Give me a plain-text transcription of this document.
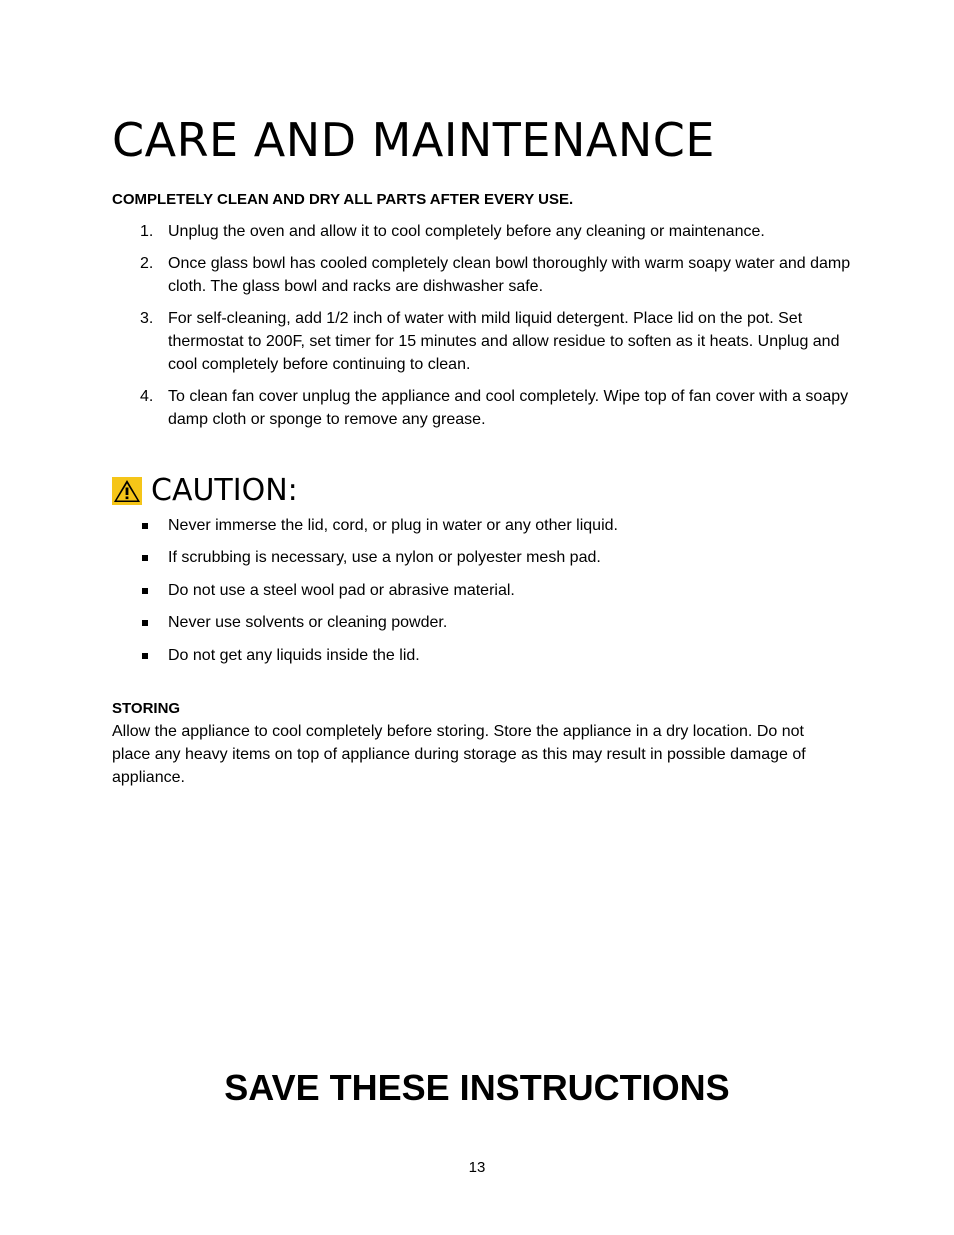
CARE AND MAINTENANCE
COMPLETELY CLEAN AND DRY ALL PARTS AFTER EVERY USE.
1. Unplug the oven and allow it to cool completely before any cleaning or maintenance.
2. Once glass bowl has cooled completely clean bowl thoroughly with warm soapy water and damp cloth. The glass bowl and racks are dishwasher safe.
3. For self-cleaning, add 1/2 inch of water with mild liquid detergent. Place lid on the pot. Set thermostat to 200F, set timer for 15 minutes and allow residue to soften as it heats. Unplug and cool completely before continuing to clean.
4. To clean fan cover unplug the appliance and cool completely. Wipe top of fan cover with a soapy damp cloth or sponge to remove any grease.
CAUTION:
Never immerse the lid, cord, or plug in water or any other liquid.
If scrubbing is necessary, use a nylon or polyester mesh pad.
Do not use a steel wool pad or abrasive material.
Never use solvents or cleaning powder.
Do not get any liquids inside the lid.
STORING

Allow the appliance to cool completely before storing. Store the appliance in a dry location. Do not place any heavy items on top of appliance during storage as this may result in possible damage of appliance.

SAVE THESE INSTRUCTIONS
13
